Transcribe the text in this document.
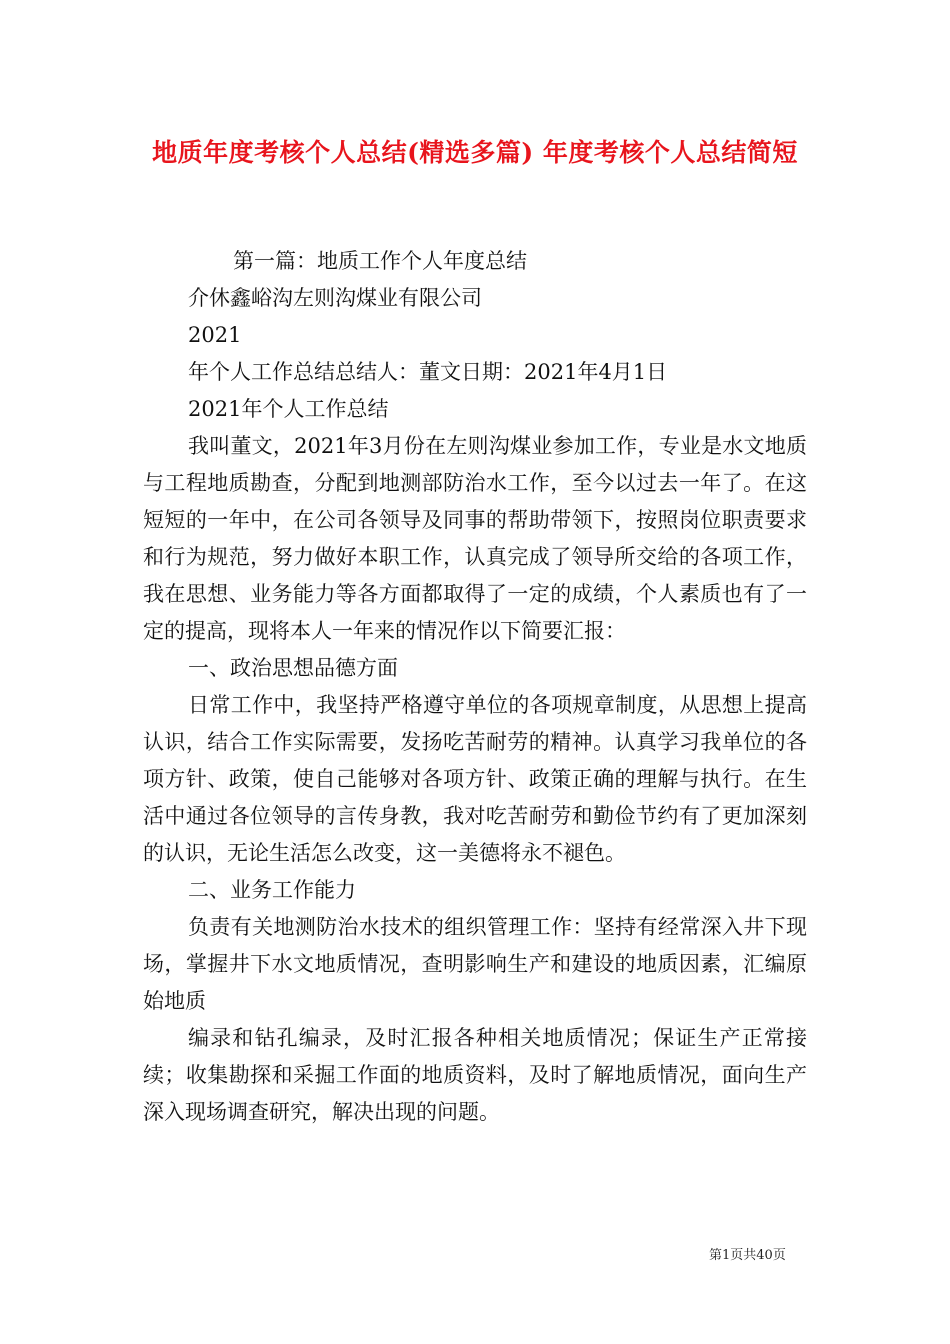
地质年度考核个人总结(精选多篇) 年度考核个人总结简短
第一篇：地质工作个人年度总结
介休鑫峪沟左则沟煤业有限公司
2021
年个人工作总结总结人：董文日期：2021年4月1日
2021年个人工作总结
我叫董文，2021年3月份在左则沟煤业参加工作，专业是水文地质与工程地质勘查，分配到地测部防治水工作，至今以过去一年了。在这短短的一年中，在公司各领导及同事的帮助带领下，按照岗位职责要求和行为规范，努力做好本职工作，认真完成了领导所交给的各项工作，我在思想、业务能力等各方面都取得了一定的成绩，个人素质也有了一定的提高，现将本人一年来的情况作以下简要汇报：
一、政治思想品德方面
日常工作中，我坚持严格遵守单位的各项规章制度，从思想上提高认识，结合工作实际需要，发扬吃苦耐劳的精神。认真学习我单位的各项方针、政策，使自己能够对各项方针、政策正确的理解与执行。在生活中通过各位领导的言传身教，我对吃苦耐劳和勤俭节约有了更加深刻的认识，无论生活怎么改变，这一美德将永不褪色。
二、业务工作能力
负责有关地测防治水技术的组织管理工作：坚持有经常深入井下现场，掌握井下水文地质情况，查明影响生产和建设的地质因素，汇编原始地质
编录和钻孔编录，及时汇报各种相关地质情况；保证生产正常接续；收集勘探和采掘工作面的地质资料，及时了解地质情况，面向生产深入现场调查研究，解决出现的问题。
第1页共40页
